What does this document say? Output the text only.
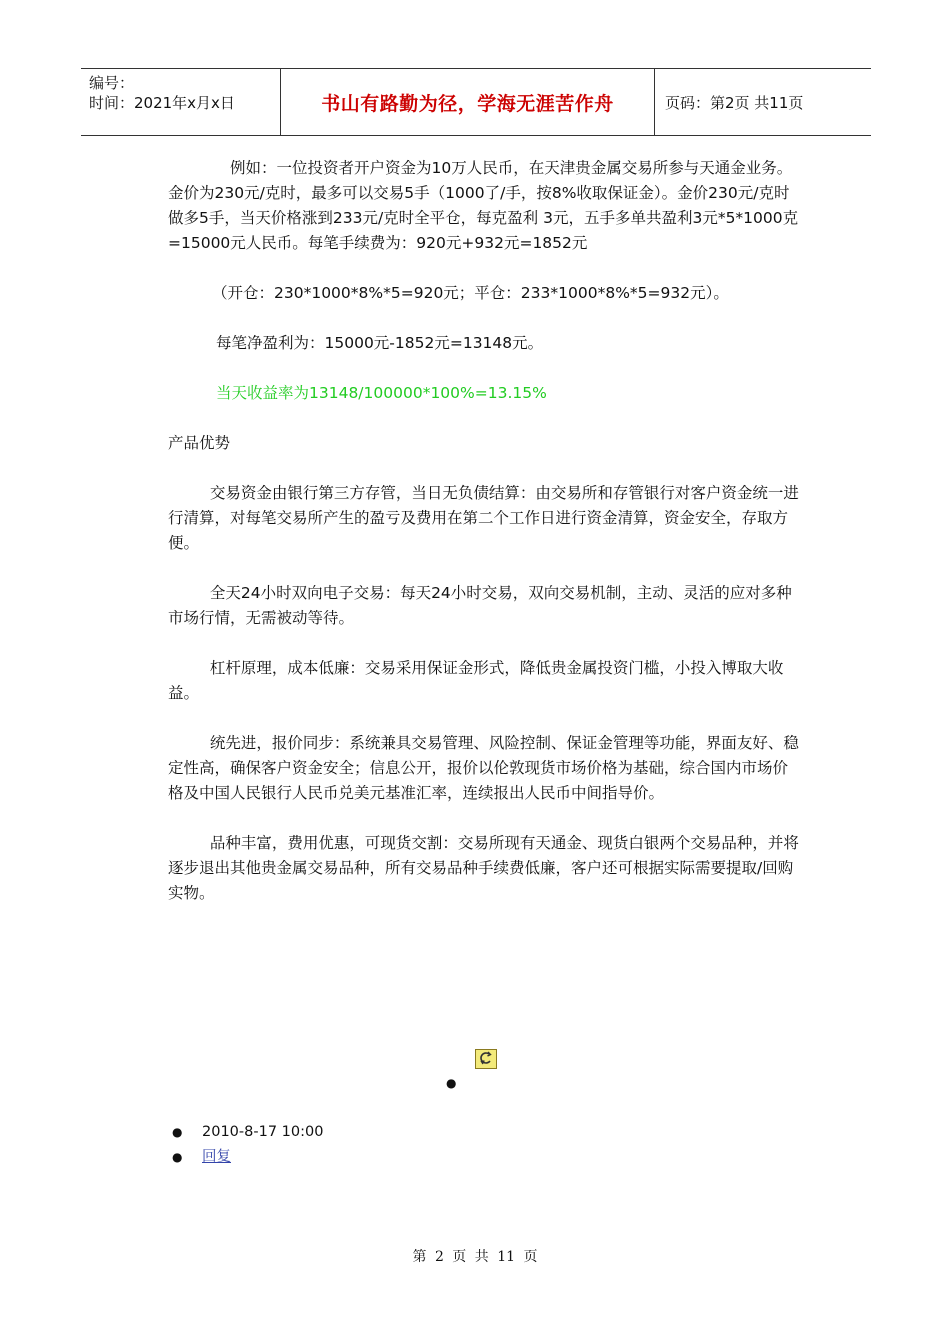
编号：
时间：2021年x月x日	书山有路勤为径，学海无涯苦作舟	页码：第2页 共11页

例如：一位投资者开户资金为10万人民币，在天津贵金属交易所参与天通金业务。金价为230元/克时，最多可以交易5手（1000了/手，按8%收取保证金）。金价230元/克时做多5手，当天价格涨到233元/克时全平仓，每克盈利 3元，五手多单共盈利3元*5*1000克=15000元人民币。每笔手续费为：920元+932元=1852元

（开仓：230*1000*8%*5=920元；平仓：233*1000*8%*5=932元）。

每笔净盈利为：15000元-1852元=13148元。

当天收益率为13148/100000*100%=13.15%

产品优势

交易资金由银行第三方存管，当日无负债结算：由交易所和存管银行对客户资金统一进行清算，对每笔交易所产生的盈亏及费用在第二个工作日进行资金清算，资金安全，存取方便。

全天24小时双向电子交易：每天24小时交易，双向交易机制，主动、灵活的应对多种市场行情，无需被动等待。

杠杆原理，成本低廉：交易采用保证金形式，降低贵金属投资门槛，小投入博取大收益。

统先进，报价同步：系统兼具交易管理、风险控制、保证金管理等功能，界面友好、稳定性高，确保客户资金安全；信息公开，报价以伦敦现货市场价格为基础，综合国内市场价格及中国人民银行人民币兑美元基准汇率，连续报出人民币中间指导价。

品种丰富，费用优惠，可现货交割：交易所现有天通金、现货白银两个交易品种，并将逐步退出其他贵金属交易品种，所有交易品种手续费低廉，客户还可根据实际需要提取/回购实物。

●
●	2010-8-17 10:00
●	回复
第 2 页 共 11 页
